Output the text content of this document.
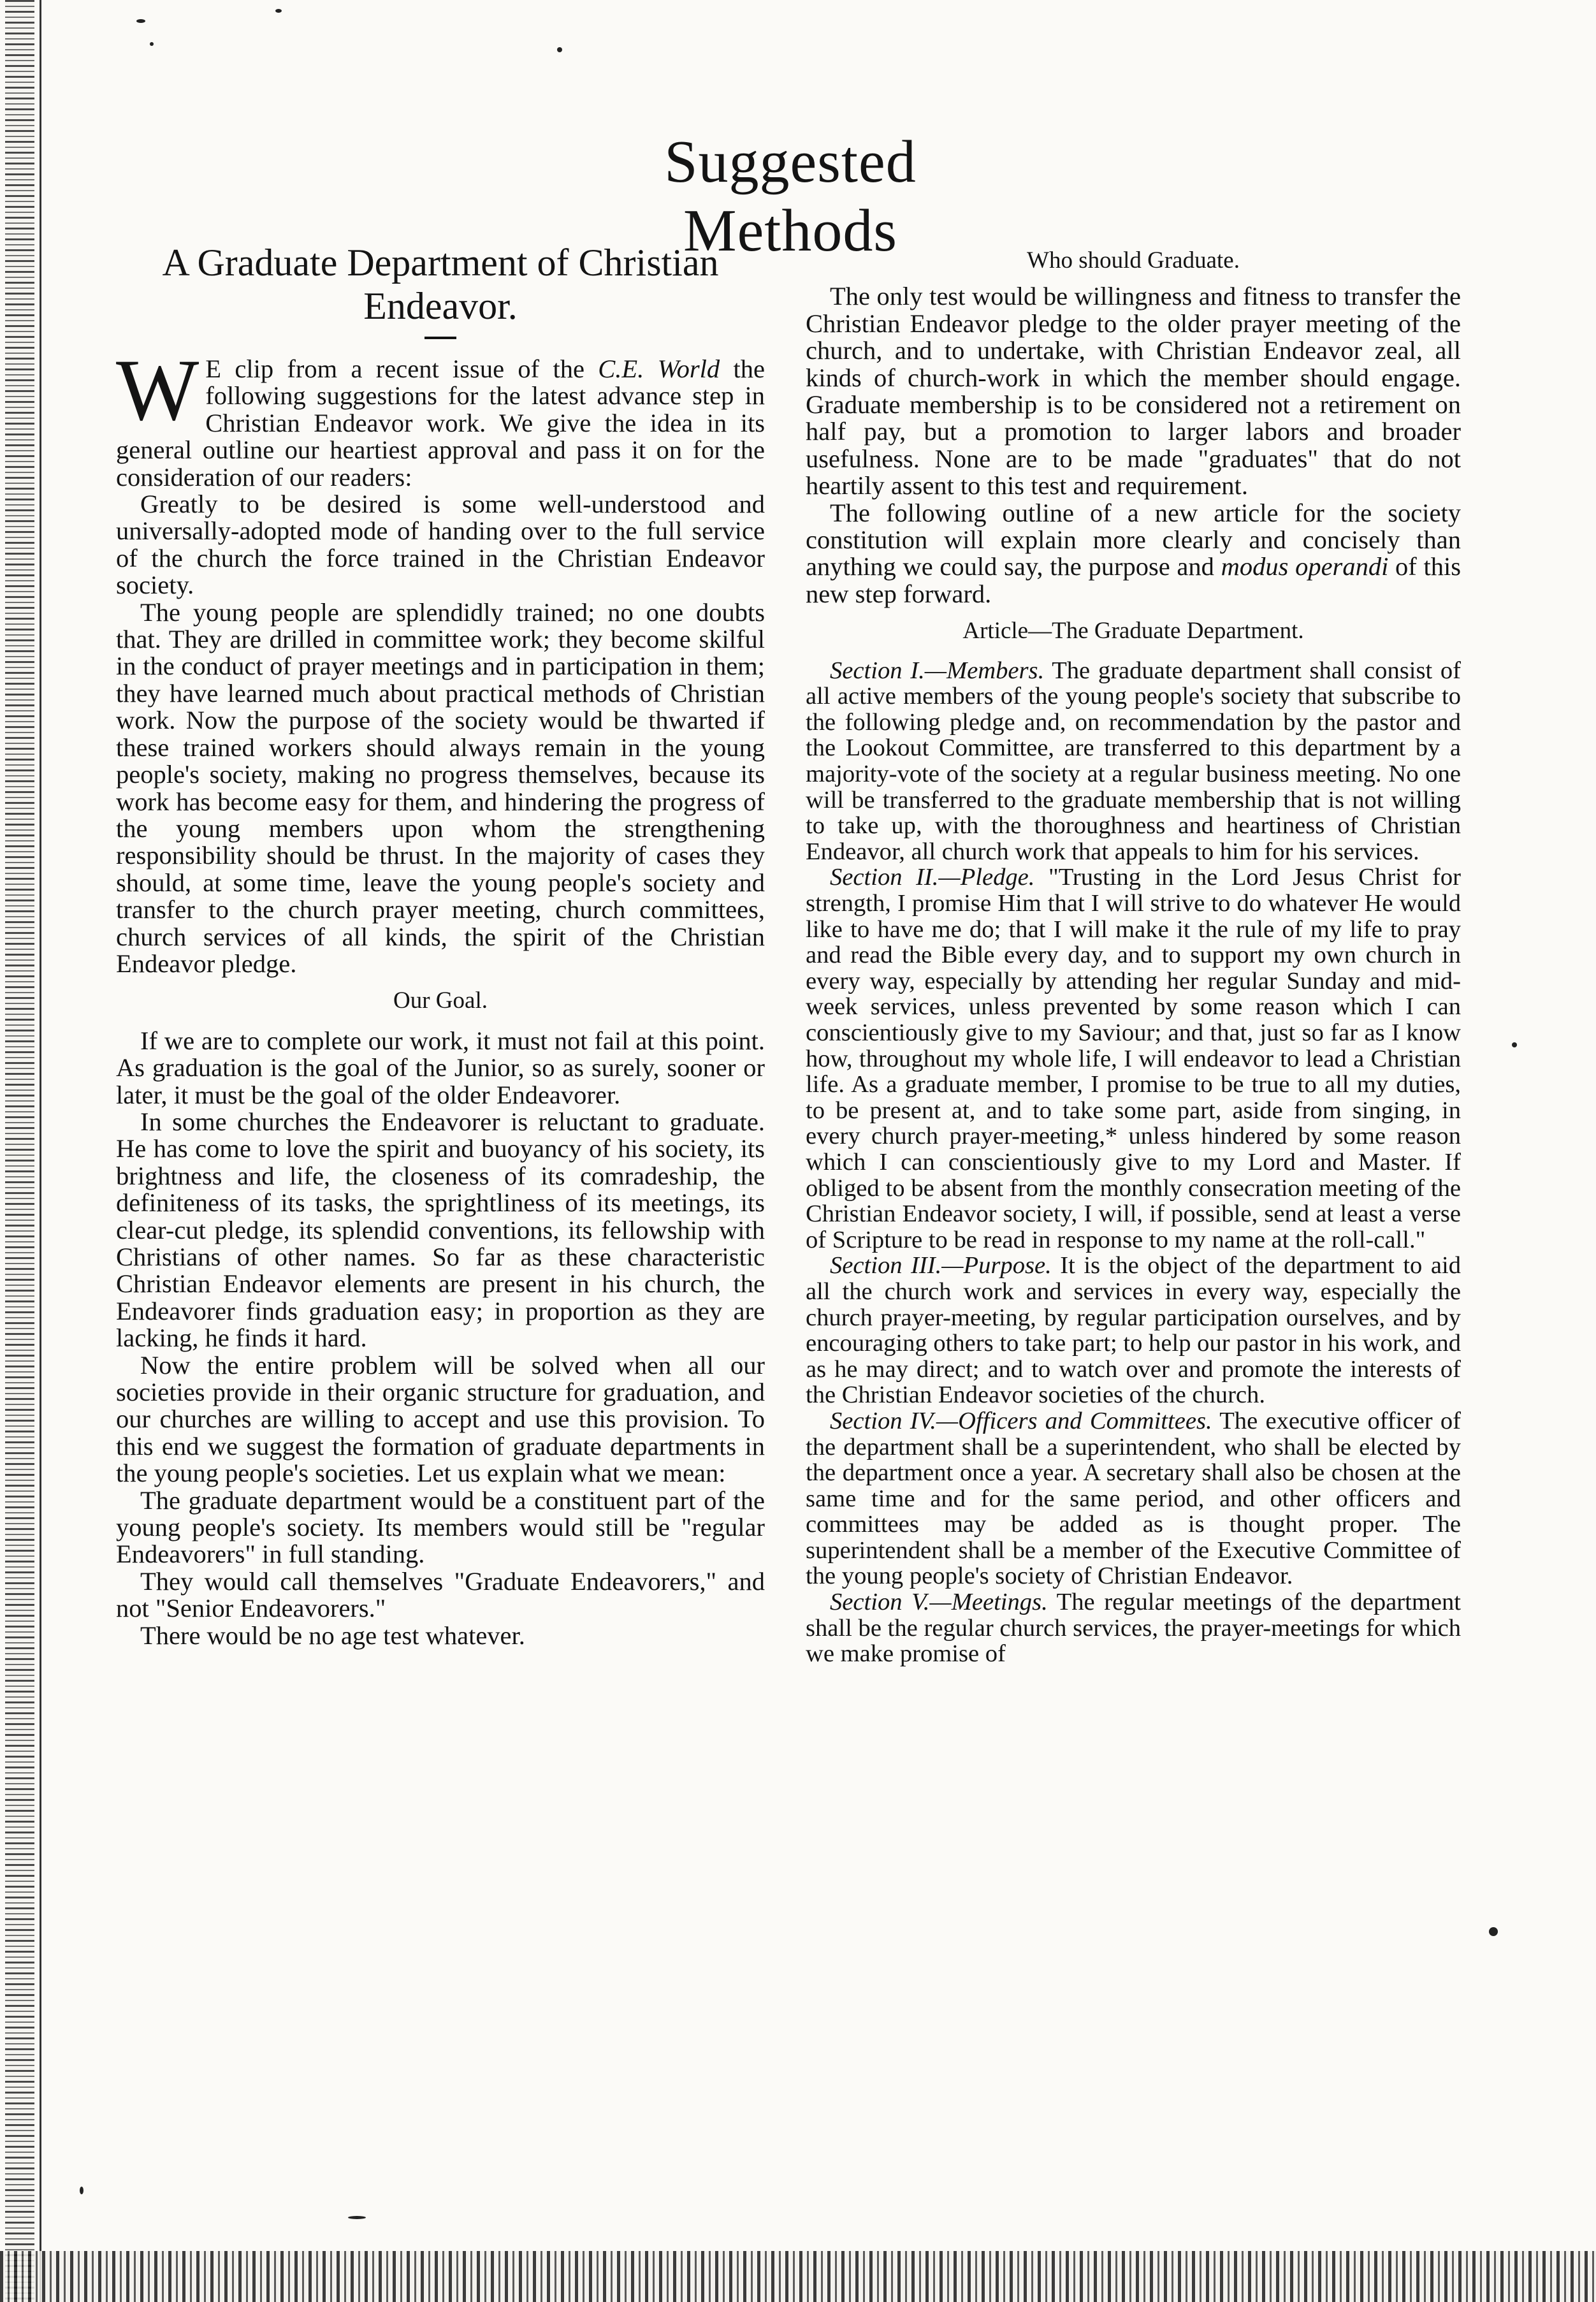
Suggested Methods
A Graduate Department of Christian
Endeavor.

W E clip from a recent issue of the C.E. World the following suggestions for the latest advance step in Christian Endeavor work. We give the idea in its general outline our heartiest approval and pass it on for the consideration of our readers:

Greatly to be desired is some well-understood and universally-adopted mode of handing over to the full service of the church the force trained in the Christian Endeavor society.

The young people are splendidly trained; no one doubts that. They are drilled in committee work; they become skilful in the conduct of prayer meetings and in participation in them; they have learned much about practical methods of Christian work. Now the purpose of the society would be thwarted if these trained workers should always remain in the young people's society, making no progress themselves, because its work has become easy for them, and hindering the progress of the young members upon whom the strengthening responsibility should be thrust. In the majority of cases they should, at some time, leave the young people's society and transfer to the church prayer meeting, church committees, church services of all kinds, the spirit of the Christian Endeavor pledge.

Our Goal.

If we are to complete our work, it must not fail at this point. As graduation is the goal of the Junior, so as surely, sooner or later, it must be the goal of the older Endeavorer.

In some churches the Endeavorer is reluctant to graduate. He has come to love the spirit and buoyancy of his society, its brightness and life, the closeness of its comradeship, the definiteness of its tasks, the sprightliness of its meetings, its clear-cut pledge, its splendid conventions, its fellowship with Christians of other names. So far as these characteristic Christian Endeavor elements are present in his church, the Endeavorer finds graduation easy; in proportion as they are lacking, he finds it hard.

Now the entire problem will be solved when all our societies provide in their organic structure for graduation, and our churches are willing to accept and use this provision. To this end we suggest the formation of graduate departments in the young people's societies. Let us explain what we mean:

The graduate department would be a constituent part of the young people's society. Its members would still be "regular Endeavorers" in full standing.

They would call themselves "Graduate Endeavorers," and not "Senior Endeavorers."

There would be no age test whatever.

Who should Graduate.

The only test would be willingness and fitness to transfer the Christian Endeavor pledge to the older prayer meeting of the church, and to undertake, with Christian Endeavor zeal, all kinds of church-work in which the member should engage. Graduate membership is to be considered not a retirement on half pay, but a promotion to larger labors and broader usefulness. None are to be made "graduates" that do not heartily assent to this test and requirement.

The following outline of a new article for the society constitution will explain more clearly and concisely than anything we could say, the purpose and modus operandi of this new step forward.

Article—The Graduate Department.

Section I.—Members. The graduate department shall consist of all active members of the young people's society that subscribe to the following pledge and, on recommendation by the pastor and the Lookout Committee, are transferred to this department by a majority-vote of the society at a regular business meeting. No one will be transferred to the graduate membership that is not willing to take up, with the thoroughness and heartiness of Christian Endeavor, all church work that appeals to him for his services.

Section II.—Pledge. "Trusting in the Lord Jesus Christ for strength, I promise Him that I will strive to do whatever He would like to have me do; that I will make it the rule of my life to pray and read the Bible every day, and to support my own church in every way, especially by attending her regular Sunday and mid-week services, unless prevented by some reason which I can conscientiously give to my Saviour; and that, just so far as I know how, throughout my whole life, I will endeavor to lead a Christian life. As a graduate member, I promise to be true to all my duties, to be present at, and to take some part, aside from singing, in every church prayer-meeting,* unless hindered by some reason which I can conscientiously give to my Lord and Master. If obliged to be absent from the monthly consecration meeting of the Christian Endeavor society, I will, if possible, send at least a verse of Scripture to be read in response to my name at the roll-call."

Section III.—Purpose. It is the object of the department to aid all the church work and services in every way, especially the church prayer-meeting, by regular participation ourselves, and by encouraging others to take part; to help our pastor in his work, and as he may direct; and to watch over and promote the interests of the Christian Endeavor societies of the church.

Section IV.—Officers and Committees. The executive officer of the department shall be a superintendent, who shall be elected by the department once a year. A secretary shall also be chosen at the same time and for the same period, and other officers and committees may be added as is thought proper. The superintendent shall be a member of the Executive Committee of the young people's society of Christian Endeavor.

Section V.—Meetings. The regular meetings of the department shall be the regular church services, the prayer-meetings for which we make promise of
